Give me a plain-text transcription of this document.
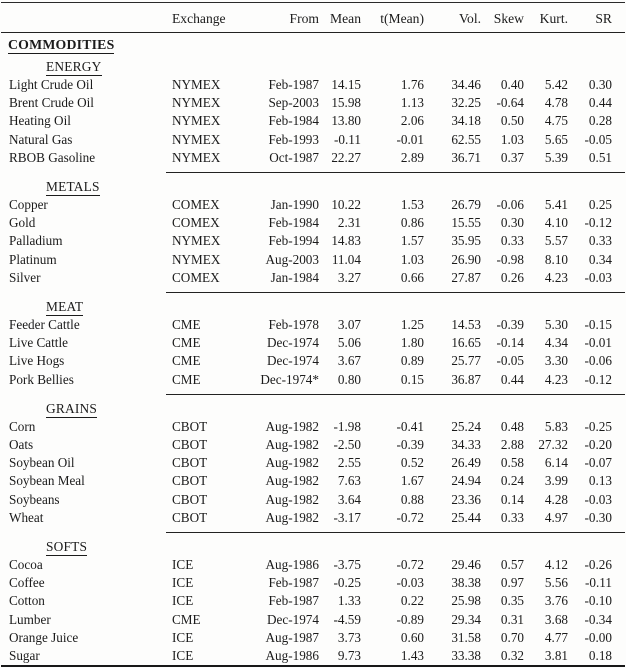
	Exchange	From	Mean	t(Mean)	Vol.	Skew	Kurt.	SR
COMMODITIES								
ENERGY								
Light Crude Oil	NYMEX	Feb-1987	14.15	1.76	34.46	0.40	5.42	0.30
Brent Crude Oil	NYMEX	Sep-2003	15.98	1.13	32.25	-0.64	4.78	0.44
Heating Oil	NYMEX	Feb-1984	13.80	2.06	34.18	0.50	4.75	0.28
Natural Gas	NYMEX	Feb-1993	-0.11	-0.01	62.55	1.03	5.65	-0.05
RBOB Gasoline	NYMEX	Oct-1987	22.27	2.89	36.71	0.37	5.39	0.51

METALS								
Copper	COMEX	Jan-1990	10.22	1.53	26.79	-0.06	5.41	0.25
Gold	COMEX	Feb-1984	2.31	0.86	15.55	0.30	4.10	-0.12
Palladium	NYMEX	Feb-1994	14.83	1.57	35.95	0.33	5.57	0.33
Platinum	NYMEX	Aug-2003	11.04	1.03	26.90	-0.98	8.10	0.34
Silver	COMEX	Jan-1984	3.27	0.66	27.87	0.26	4.23	-0.03

MEAT								
Feeder Cattle	CME	Feb-1978	3.07	1.25	14.53	-0.39	5.30	-0.15
Live Cattle	CME	Dec-1974	5.06	1.80	16.65	-0.14	4.34	-0.01
Live Hogs	CME	Dec-1974	3.67	0.89	25.77	-0.05	3.30	-0.06
Pork Bellies	CME	Dec-1974*	0.80	0.15	36.87	0.44	4.23	-0.12

GRAINS								
Corn	CBOT	Aug-1982	-1.98	-0.41	25.24	0.48	5.83	-0.25
Oats	CBOT	Aug-1982	-2.50	-0.39	34.33	2.88	27.32	-0.20
Soybean Oil	CBOT	Aug-1982	2.55	0.52	26.49	0.58	6.14	-0.07
Soybean Meal	CBOT	Aug-1982	7.63	1.67	24.94	0.24	3.99	0.13
Soybeans	CBOT	Aug-1982	3.64	0.88	23.36	0.14	4.28	-0.03
Wheat	CBOT	Aug-1982	-3.17	-0.72	25.44	0.33	4.97	-0.30

SOFTS								
Cocoa	ICE	Aug-1986	-3.75	-0.72	29.46	0.57	4.12	-0.26
Coffee	ICE	Feb-1987	-0.25	-0.03	38.38	0.97	5.56	-0.11
Cotton	ICE	Feb-1987	1.33	0.22	25.98	0.35	3.76	-0.10
Lumber	CME	Dec-1974	-4.59	-0.89	29.34	0.31	3.68	-0.34
Orange Juice	ICE	Aug-1987	3.73	0.60	31.58	0.70	4.77	-0.00
Sugar	ICE	Aug-1986	9.73	1.43	33.38	0.32	3.81	0.18
